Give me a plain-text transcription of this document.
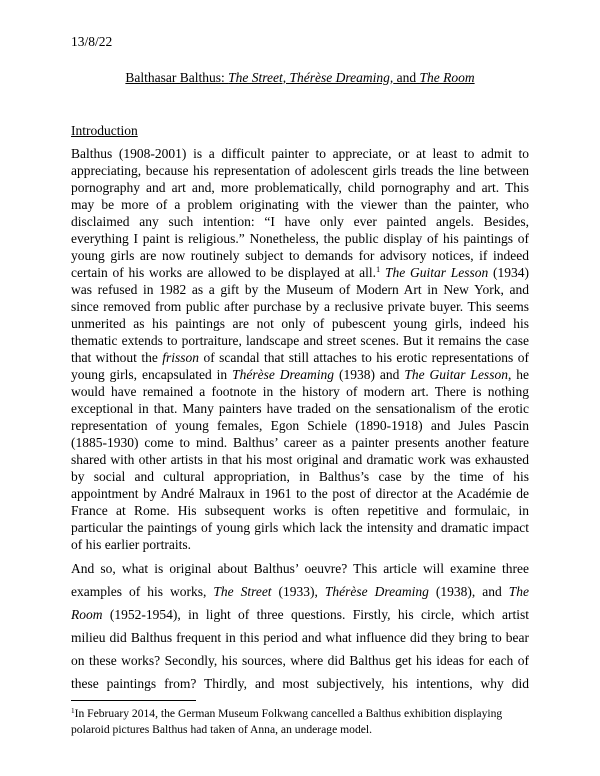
13/8/22
Balthasar Balthus: The Street, Thérèse Dreaming, and The Room
Introduction
Balthus (1908-2001) is a difficult painter to appreciate, or at least to admit to
appreciating, because his representation of adolescent girls treads the line between
pornography and art and, more problematically, child pornography and art. This
may be more of a problem originating with the viewer than the painter, who
disclaimed any such intention: “I have only ever painted angels. Besides,
everything I paint is religious.” Nonetheless, the public display of his paintings of
young girls are now routinely subject to demands for advisory notices, if indeed
certain of his works are allowed to be displayed at all.$^1$ The Guitar Lesson (1934)
was refused in 1982 as a gift by the Museum of Modern Art in New York, and
since removed from public after purchase by a reclusive private buyer. This seems
unmerited as his paintings are not only of pubescent young girls, indeed his
thematic extends to portraiture, landscape and street scenes. But it remains the case
that without the frisson of scandal that still attaches to his erotic representations of
young girls, encapsulated in Thérèse Dreaming (1938) and The Guitar Lesson, he
would have remained a footnote in the history of modern art. There is nothing
exceptional in that. Many painters have traded on the sensationalism of the erotic
representation of young females, Egon Schiele (1890-1918) and Jules Pascin
(1885-1930) come to mind. Balthus’ career as a painter presents another feature
shared with other artists in that his most original and dramatic work was exhausted
by social and cultural appropriation, in Balthus’s case by the time of his
appointment by André Malraux in 1961 to the post of director at the Académie de
France at Rome. His subsequent works is often repetitive and formulaic, in
particular the paintings of young girls which lack the intensity and dramatic impact
of his earlier portraits.
And so, what is original about Balthus’ oeuvre? This article will examine three
examples of his works, The Street (1933), Thérèse Dreaming (1938), and The
Room (1952-1954), in light of three questions. Firstly, his circle, which artist
milieu did Balthus frequent in this period and what influence did they bring to bear
on these works? Secondly, his sources, where did Balthus get his ideas for each of
these paintings from? Thirdly, and most subjectively, his intentions, why did
$^1$In February 2014, the German Museum Folkwang cancelled a Balthus exhibition displaying
polaroid pictures Balthus had taken of Anna, an underage model.
